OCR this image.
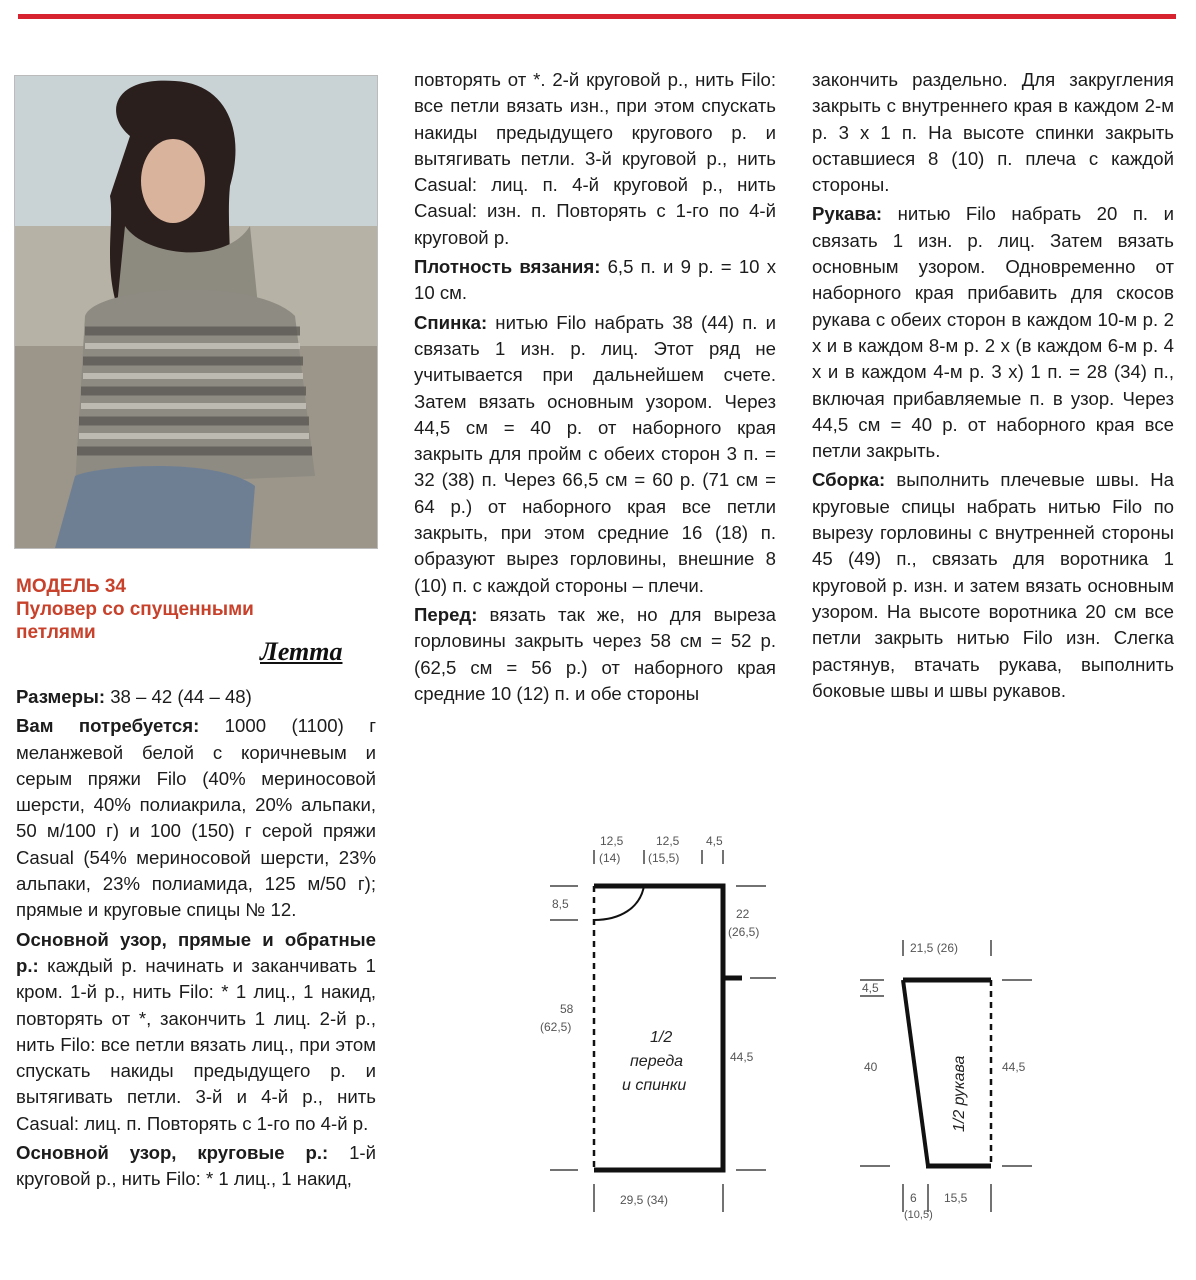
МОДЕЛЬ 34
Пуловер со спущенными
петлями
Летта

Размеры: 38 – 42 (44 – 48)

Вам потребуется: 1000 (1100) г меланжевой белой с коричневым и серым пряжи Filo (40% мериносовой шерсти, 40% полиакрила, 20% альпаки, 50 м/100 г) и 100 (150) г серой пряжи Casual (54% мериносовой шерсти, 23% альпаки, 23% полиамида, 125 м/50 г); прямые и круговые спицы № 12.

Основной узор, прямые и обратные р.: каждый р. начинать и заканчивать 1 кром. 1-й р., нить Filo: * 1 лиц., 1 накид, повторять от *, закончить 1 лиц. 2-й р., нить Filo: все петли вязать лиц., при этом спускать накиды предыдущего р. и вытягивать петли. 3-й и 4-й р., нить Casual: лиц. п. Повторять с 1-го по 4-й р.

Основной узор, круговые р.: 1-й круговой р., нить Filo: * 1 лиц., 1 накид,

повторять от *. 2-й круговой р., нить Filo: все петли вязать изн., при этом спускать накиды предыдущего кругового р. и вытягивать петли. 3-й круговой р., нить Casual: лиц. п. 4-й круговой р., нить Casual: изн. п. Повторять с 1-го по 4-й круговой р.

Плотность вязания: 6,5 п. и 9 р. = 10 х 10 см.

Спинка: нитью Filo набрать 38 (44) п. и связать 1 изн. р. лиц. Этот ряд не учитывается при дальнейшем счете. Затем вязать основным узором. Через 44,5 см = 40 р. от наборного края закрыть для пройм с обеих сторон 3 п. = 32 (38) п. Через 66,5 см = 60 р. (71 см = 64 р.) от наборного края все петли закрыть, при этом средние 16 (18) п. образуют вырез горловины, внешние 8 (10) п. с каждой стороны – плечи.

Перед: вязать так же, но для выреза горловины закрыть через 58 см = 52 р. (62,5 см = 56 р.) от наборного края средние 10 (12) п. и обе стороны

закончить раздельно. Для закругления закрыть с внутреннего края в каждом 2-м р. 3 х 1 п. На высоте спинки закрыть оставшиеся 8 (10) п. плеча с каждой стороны.

Рукава: нитью Filo набрать 20 п. и связать 1 изн. р. лиц. Затем вязать основным узором. Одновременно от наборного края прибавить для скосов рукава с обеих сторон в каждом 10-м р. 2 х и в каждом 8-м р. 2 х (в каждом 6-м р. 4 х и в каждом 4-м р. 3 х) 1 п. = 28 (34) п., включая прибавляемые п. в узор. Через 44,5 см = 40 р. от наборного края все петли закрыть.

Сборка: выполнить плечевые швы. На круговые спицы набрать нитью Filo по вырезу горловины с внутренней стороны 45 (49) п., связать для воротника 1 круговой р. изн. и затем вязать основным узором. На высоте воротника 20 см все петли закрыть нитью Filo изн. Слегка растянув, втачать рукава, выполнить боковые швы и швы рукавов.

12,5
(14)
12,5
(15,5)
4,5
8,5
22
(26,5)
58
(62,5)
44,5
1/2
переда
и спинки
29,5 (34)
21,5 (26)
4,5
40	44,5
1/2 рукава
6
(10,5)
15,5
